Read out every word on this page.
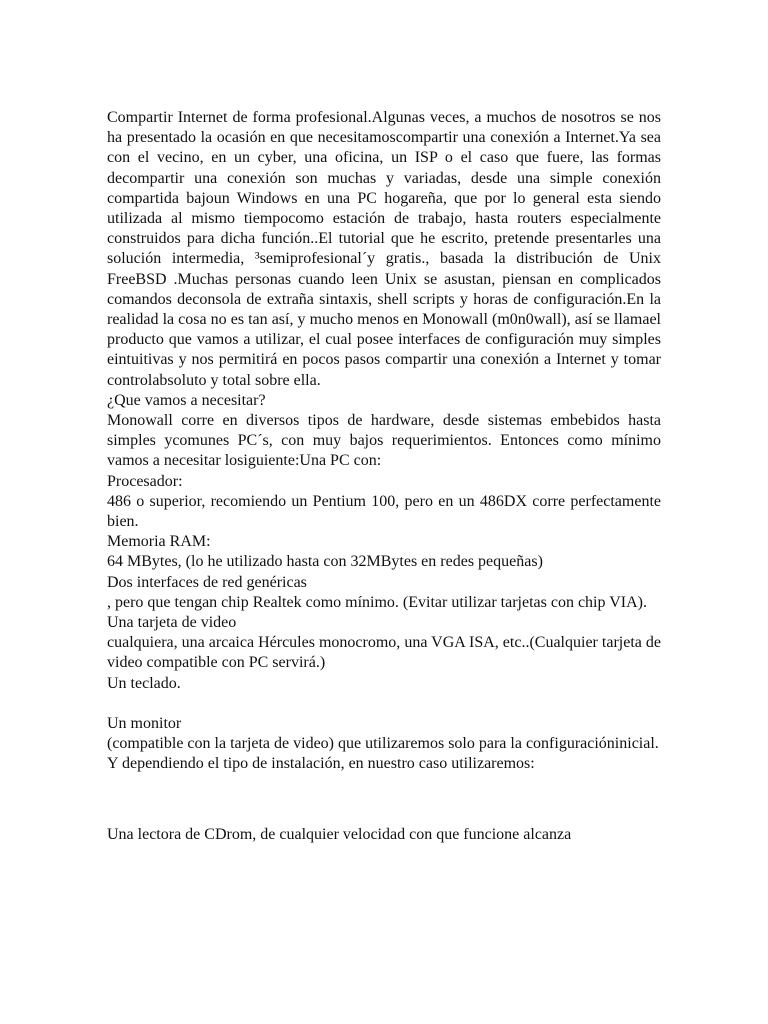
Compartir Internet de forma profesional.Algunas veces, a muchos de nosotros se nos ha presentado la ocasión en que necesitamoscompartir una conexión a Internet.Ya sea con el vecino, en un cyber, una oficina, un ISP o el caso que fuere, las formas decompartir una conexión son muchas y variadas, desde una simple conexión compartida bajoun Windows en una PC hogareña, que por lo general esta siendo utilizada al mismo tiempocomo estación de trabajo, hasta routers especialmente construidos para dicha función..El tutorial que he escrito, pretende presentarles una solución intermedia, ³semiprofesional´y gratis., basada la distribución de Unix FreeBSD .Muchas personas cuando leen Unix se asustan, piensan en complicados comandos deconsola de extraña sintaxis, shell scripts y horas de configuración.En la realidad la cosa no es tan así, y mucho menos en Monowall (m0n0wall), así se llamael producto que vamos a utilizar, el cual posee interfaces de configuración muy simples eintuitivas y nos permitirá en pocos pasos compartir una conexión a Internet y tomar controlabsoluto y total sobre ella.

¿Que vamos a necesitar?

Monowall corre en diversos tipos de hardware, desde sistemas embebidos hasta simples ycomunes PC´s, con muy bajos requerimientos. Entonces como mínimo vamos a necesitar losiguiente:Una PC con:

Procesador:

486 o superior, recomiendo un Pentium 100, pero en un 486DX corre perfectamente bien.

Memoria RAM:

64 MBytes, (lo he utilizado hasta con 32MBytes en redes pequeñas)

Dos interfaces de red genéricas

, pero que tengan chip Realtek como mínimo. (Evitar utilizar tarjetas con chip VIA).

Una tarjeta de video

cualquiera, una arcaica Hércules monocromo, una VGA ISA, etc..(Cualquier tarjeta de video compatible con PC servirá.)

Un teclado.

Un monitor

(compatible con la tarjeta de video) que utilizaremos solo para la configuracióninicial.

Y dependiendo el tipo de instalación, en nuestro caso utilizaremos:

Una lectora de CDrom, de cualquier velocidad con que funcione alcanza
